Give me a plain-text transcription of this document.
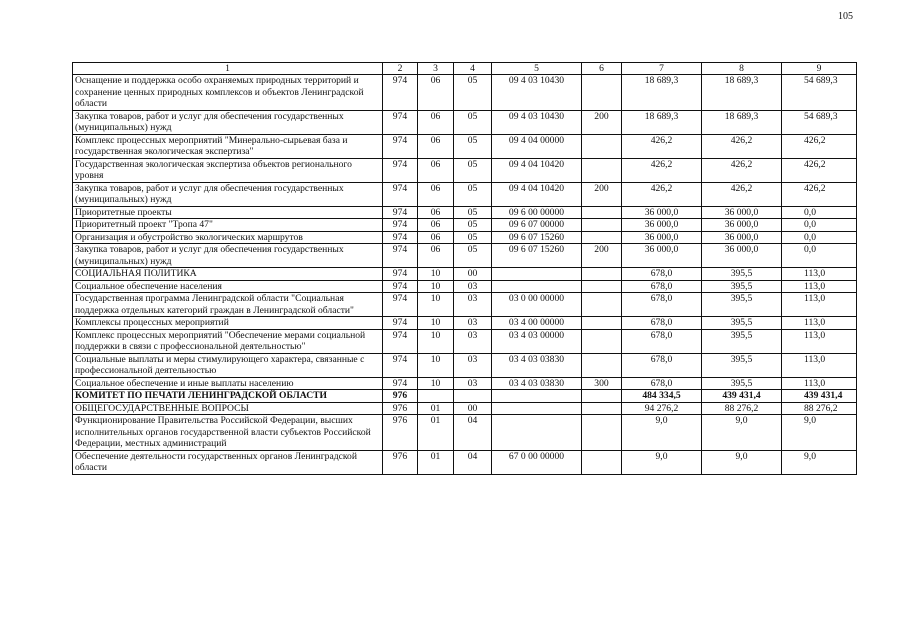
105
1	2	3	4	5	6	7	8	9
Оснащение и поддержка особо охраняемых природных территорий и сохранение ценных природных комплексов и объектов Ленинградской области	974	06	05	09 4 03 10430		18 689,3	18 689,3	54 689,3
Закупка товаров, работ и услуг для обеспечения государственных (муниципальных) нужд	974	06	05	09 4 03 10430	200	18 689,3	18 689,3	54 689,3
Комплекс процессных мероприятий "Минерально-сырьевая база и государственная экологическая экспертиза"	974	06	05	09 4 04 00000		426,2	426,2	426,2
Государственная экологическая экспертиза объектов регионального уровня	974	06	05	09 4 04 10420		426,2	426,2	426,2
Закупка товаров, работ и услуг для обеспечения государственных (муниципальных) нужд	974	06	05	09 4 04 10420	200	426,2	426,2	426,2
Приоритетные проекты	974	06	05	09 6 00 00000		36 000,0	36 000,0	0,0
Приоритетный проект "Тропа 47"	974	06	05	09 6 07 00000		36 000,0	36 000,0	0,0
Организация и обустройство экологических маршрутов	974	06	05	09 6 07 15260		36 000,0	36 000,0	0,0
Закупка товаров, работ и услуг для обеспечения государственных (муниципальных) нужд	974	06	05	09 6 07 15260	200	36 000,0	36 000,0	0,0
СОЦИАЛЬНАЯ ПОЛИТИКА	974	10	00			678,0	395,5	113,0
Социальное обеспечение населения	974	10	03			678,0	395,5	113,0
Государственная программа Ленинградской области "Социальная поддержка отдельных категорий граждан в Ленинградской области"	974	10	03	03 0 00 00000		678,0	395,5	113,0
Комплексы процессных мероприятий	974	10	03	03 4 00 00000		678,0	395,5	113,0
Комплекс процессных мероприятий "Обеспечение мерами социальной поддержки в связи с профессиональной деятельностью"	974	10	03	03 4 03 00000		678,0	395,5	113,0
Социальные выплаты и меры стимулирующего характера, связанные с профессиональной деятельностью	974	10	03	03 4 03 03830		678,0	395,5	113,0
Социальное обеспечение и иные выплаты населению	974	10	03	03 4 03 03830	300	678,0	395,5	113,0
КОМИТЕТ ПО ПЕЧАТИ ЛЕНИНГРАДСКОЙ ОБЛАСТИ	976					484 334,5	439 431,4	439 431,4
ОБЩЕГОСУДАРСТВЕННЫЕ ВОПРОСЫ	976	01	00			94 276,2	88 276,2	88 276,2
Функционирование Правительства Российской Федерации, высших исполнительных органов государственной власти субъектов Российской Федерации, местных администраций	976	01	04			9,0	9,0	9,0
Обеспечение деятельности государственных органов Ленинградской области	976	01	04	67 0 00 00000		9,0	9,0	9,0
